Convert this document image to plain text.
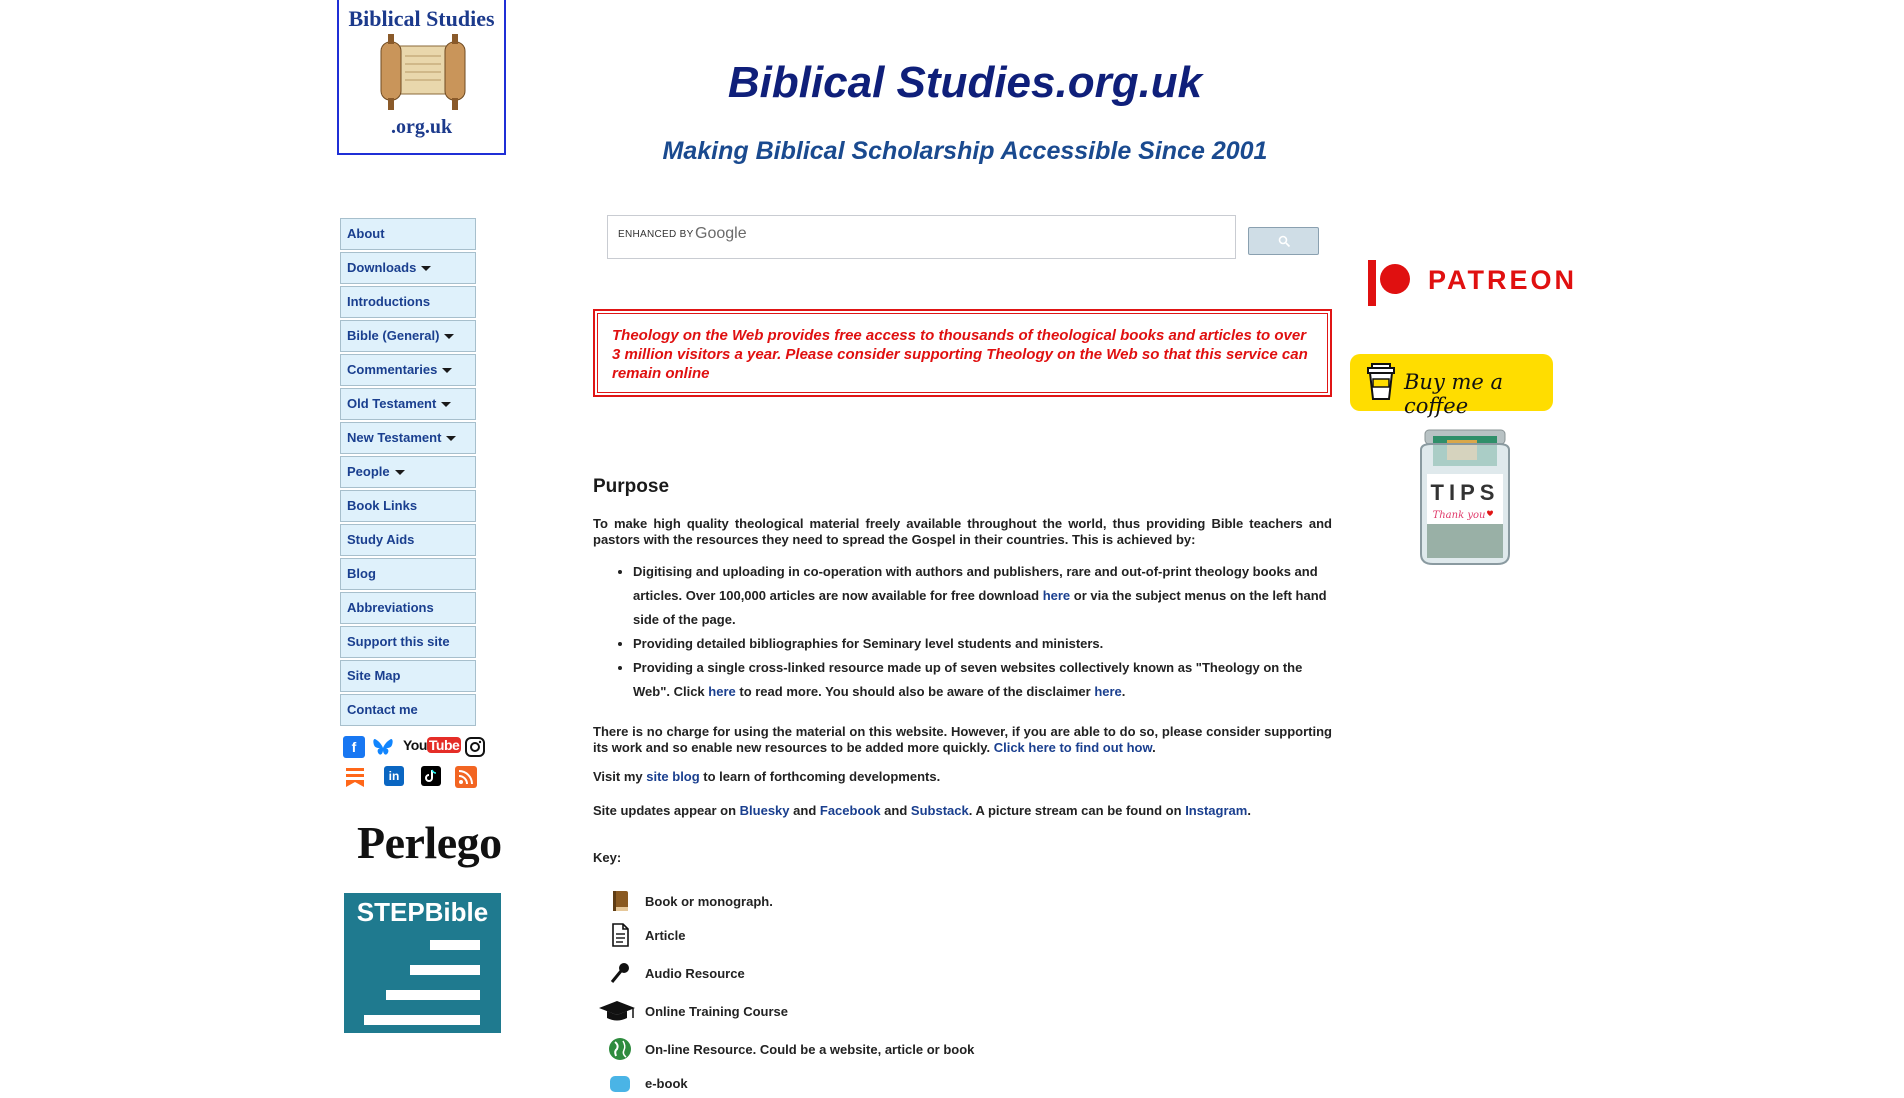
Biblical Studies
.org.uk
Biblical Studies.org.uk
Making Biblical Scholarship Accessible Since 2001
About
Downloads
Introductions
Bible (General)
Commentaries
Old Testament
New Testament
People
Book Links
Study Aids
Blog
Abbreviations
Support this site
Site Map
Contact me
f	You Tube
in
Perlego
STEPBible
ENHANCED BY Google
Theology on the Web provides free access to thousands of theological books and articles to over 3 million visitors a year. Please consider supporting Theology on the Web so that this service can remain online
PATREON
Buy me a coffee
TIPS
Thank you
Purpose

To make high quality theological material freely available throughout the world, thus providing Bible teachers and pastors with the resources they need to spread the Gospel in their countries. This is achieved by:

• Digitising and uploading in co-operation with authors and publishers, rare and out-of-print theology books and articles. Over 100,000 articles are now available for free download here or via the subject menus on the left hand side of the page.
• Providing detailed bibliographies for Seminary level students and ministers.
• Providing a single cross-linked resource made up of seven websites collectively known as "Theology on the Web". Click here to read more. You should also be aware of the disclaimer here.

There is no charge for using the material on this website. However, if you are able to do so, please consider supporting its work and so enable new resources to be added more quickly. Click here to find out how.

Visit my site blog to learn of forthcoming developments.

Site updates appear on Bluesky and Facebook and Substack. A picture stream can be found on Instagram.

Key:

Book or monograph.
Article
Audio Resource
Online Training Course
On-line Resource. Could be a website, article or book
e-book
